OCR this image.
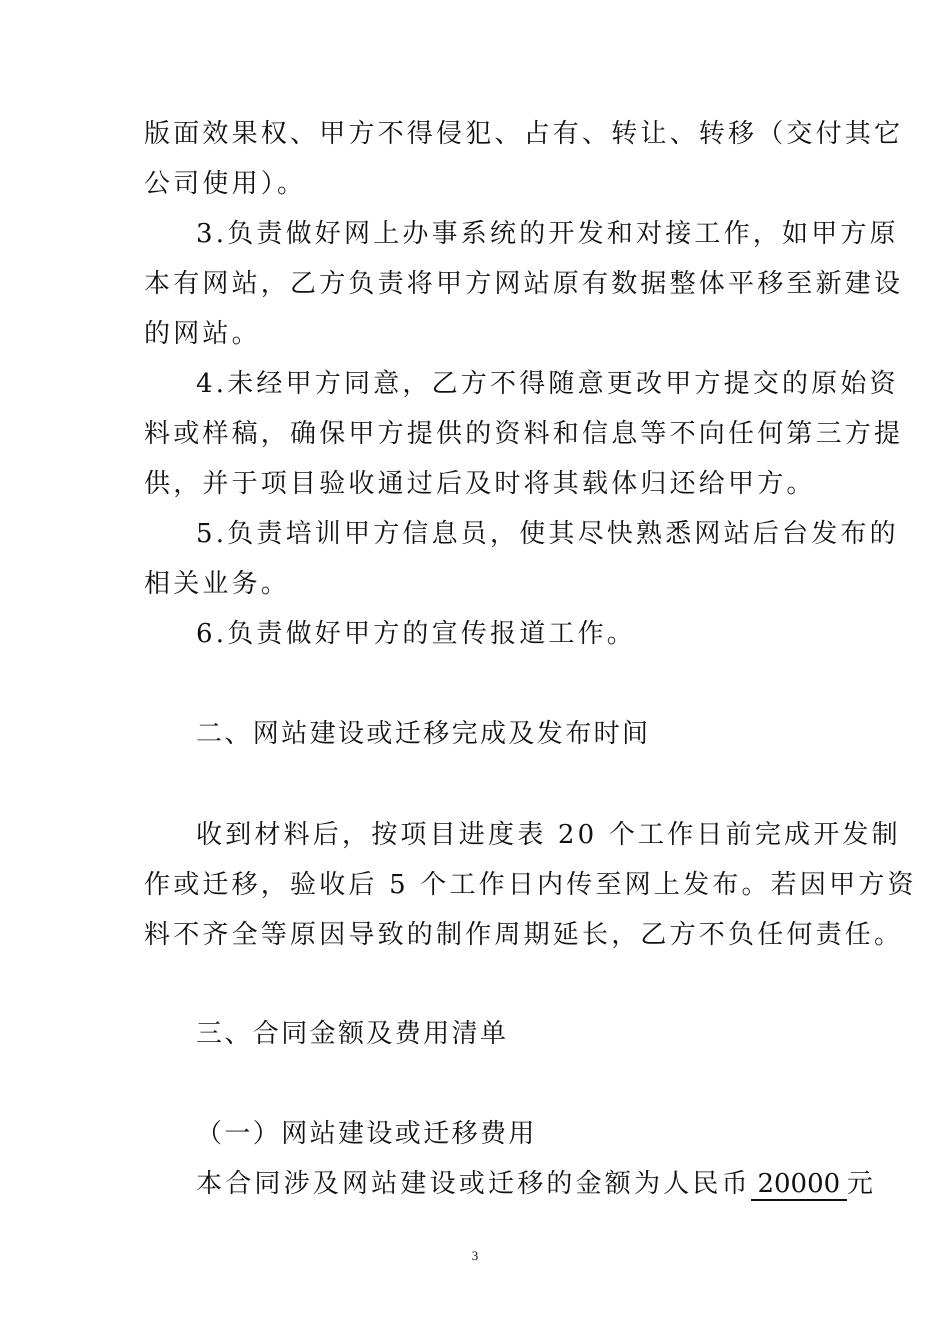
版面效果权、甲方不得侵犯、占有、转让、转移（交付其它
公司使用）。
3.负责做好网上办事系统的开发和对接工作，如甲方原
本有网站，乙方负责将甲方网站原有数据整体平移至新建设
的网站。
4.未经甲方同意，乙方不得随意更改甲方提交的原始资
料或样稿，确保甲方提供的资料和信息等不向任何第三方提
供，并于项目验收通过后及时将其载体归还给甲方。
5.负责培训甲方信息员，使其尽快熟悉网站后台发布的
相关业务。
6.负责做好甲方的宣传报道工作。
二、网站建设或迁移完成及发布时间
收到材料后，按项目进度表 20 个工作日前完成开发制
作或迁移，验收后 5 个工作日内传至网上发布。若因甲方资
料不齐全等原因导致的制作周期延长，乙方不负任何责任。
三、合同金额及费用清单
（一）网站建设或迁移费用
本合同涉及网站建设或迁移的金额为人民币 20000 元
3
